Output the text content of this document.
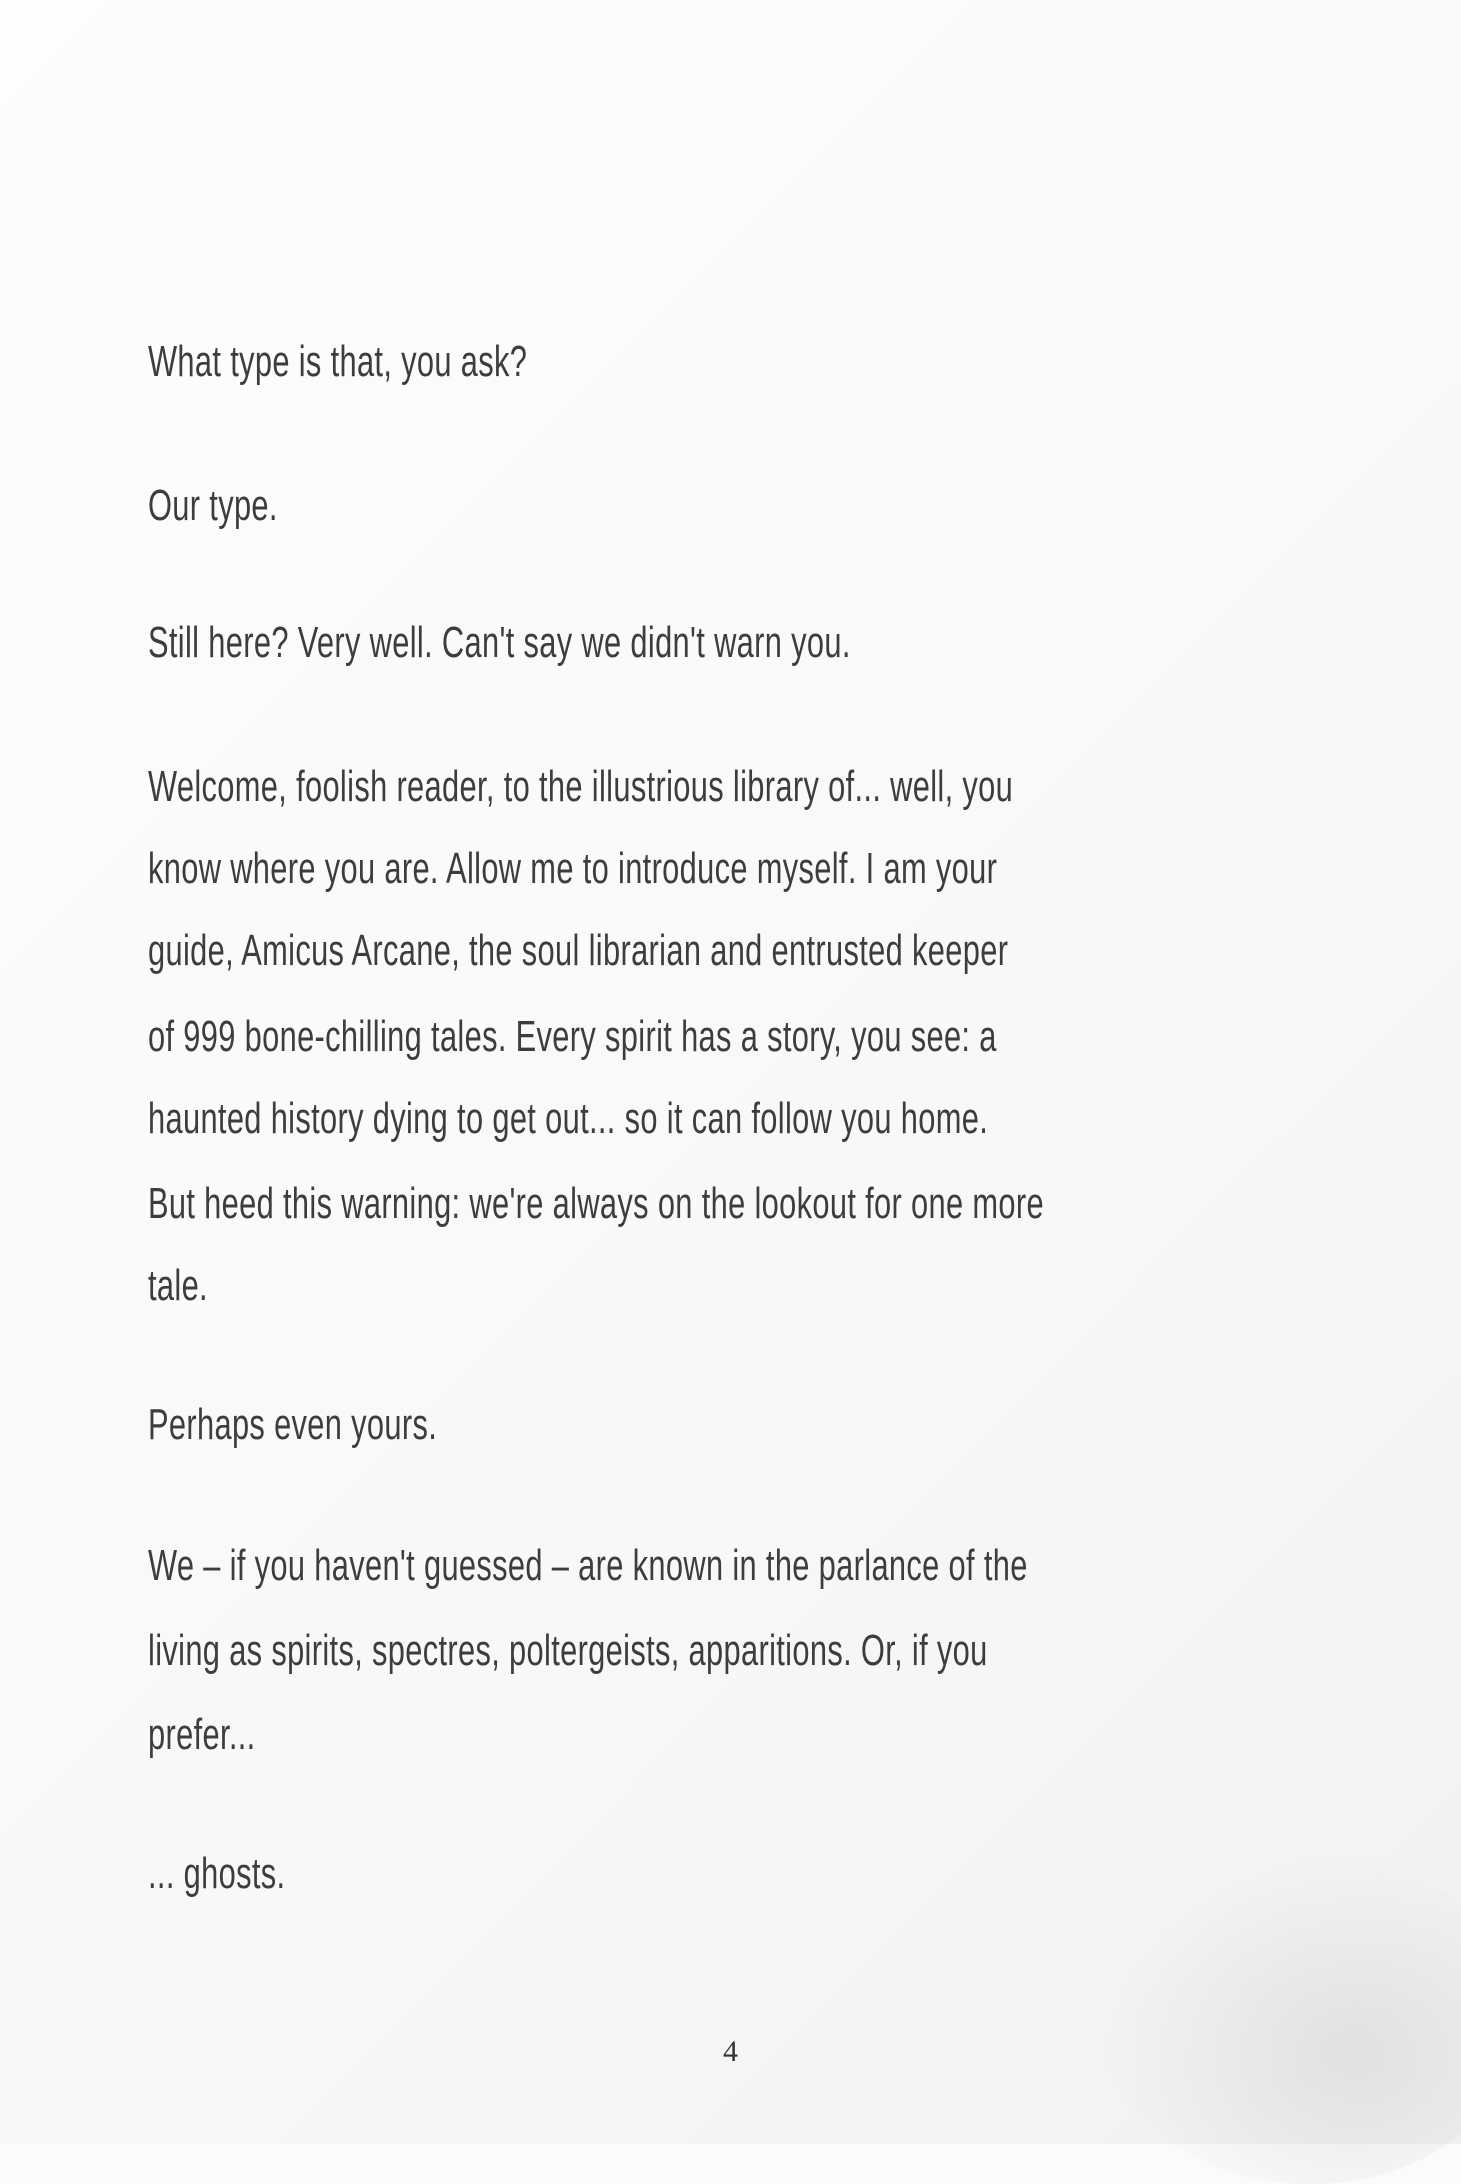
What type is that, you ask?
Our type.
Still here? Very well. Can't say we didn't warn you.
Welcome, foolish reader, to the illustrious library of... well, you
know where you are. Allow me to introduce myself. I am your
guide, Amicus Arcane, the soul librarian and entrusted keeper
of 999 bone-chilling tales. Every spirit has a story, you see: a
haunted history dying to get out... so it can follow you home.
But heed this warning: we're always on the lookout for one more
tale.
Perhaps even yours.
We – if you haven't guessed – are known in the parlance of the
living as spirits, spectres, poltergeists, apparitions. Or, if you
prefer...
... ghosts.
4
